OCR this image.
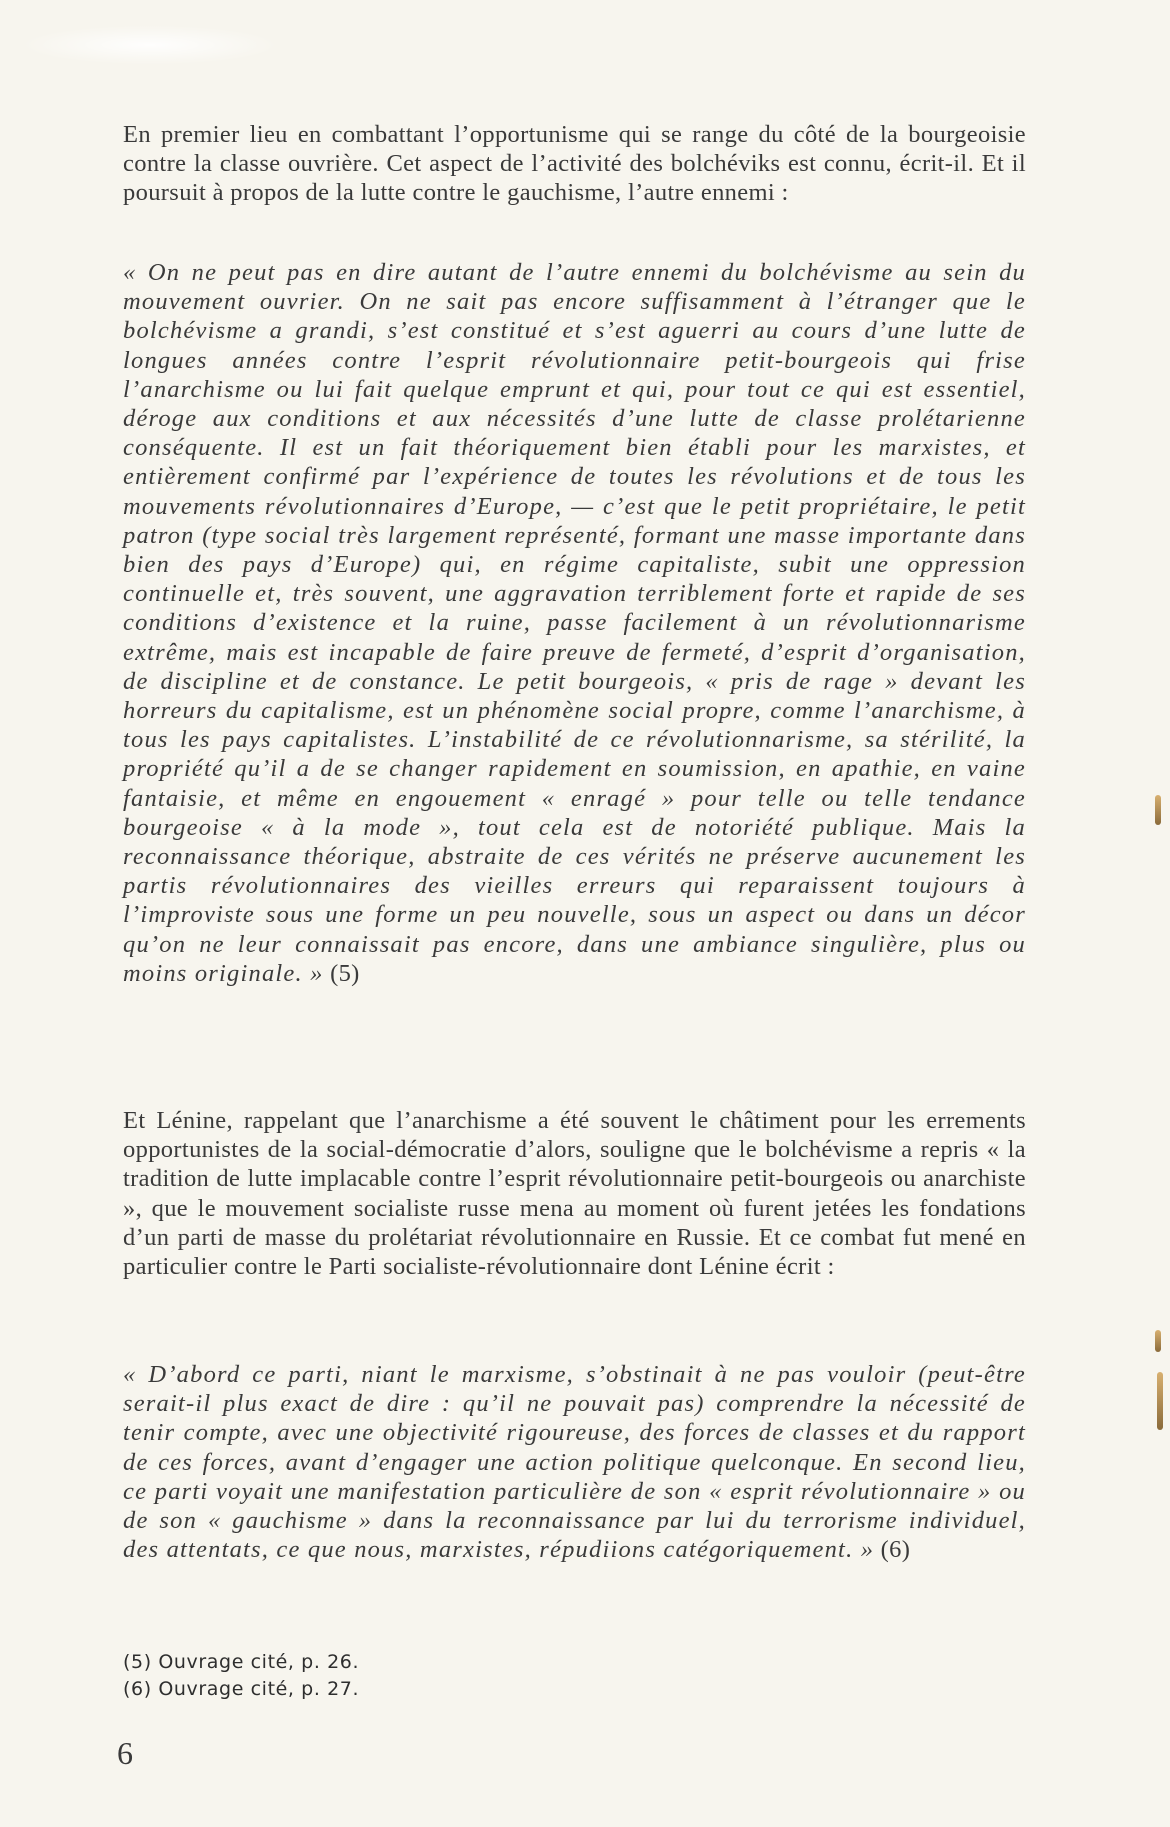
En premier lieu en combattant l’opportunisme qui se range du côté de la bourgeoisie contre la classe ouvrière. Cet aspect de l’activité des bolchéviks est connu, écrit-il. Et il poursuit à propos de la lutte contre le gauchisme, l’autre ennemi :

« On ne peut pas en dire autant de l’autre ennemi du bolchévisme au sein du mouvement ouvrier. On ne sait pas encore suffisamment à l’étranger que le bolchévisme a grandi, s’est constitué et s’est aguerri au cours d’une lutte de longues années contre l’esprit révolutionnaire petit-bourgeois qui frise l’anarchisme ou lui fait quelque emprunt et qui, pour tout ce qui est essentiel, déroge aux conditions et aux nécessités d’une lutte de classe prolétarienne conséquente. Il est un fait théoriquement bien établi pour les marxistes, et entièrement confirmé par l’expérience de toutes les révolutions et de tous les mouvements révolutionnaires d’Europe, — c’est que le petit propriétaire, le petit patron (type social très largement représenté, formant une masse importante dans bien des pays d’Europe) qui, en régime capitaliste, subit une oppression continuelle et, très souvent, une aggravation terriblement forte et rapide de ses conditions d’existence et la ruine, passe facilement à un révolutionnarisme extrême, mais est incapable de faire preuve de fermeté, d’esprit d’organisation, de discipline et de constance. Le petit bourgeois, « pris de rage » devant les horreurs du capitalisme, est un phénomène social propre, comme l’anarchisme, à tous les pays capitalistes. L’instabilité de ce révolutionnarisme, sa stérilité, la propriété qu’il a de se changer rapidement en soumission, en apathie, en vaine fantaisie, et même en engouement « enragé » pour telle ou telle tendance bourgeoise « à la mode », tout cela est de notoriété publique. Mais la reconnaissance théorique, abstraite de ces vérités ne préserve aucunement les partis révolutionnaires des vieilles erreurs qui reparaissent toujours à l’improviste sous une forme un peu nouvelle, sous un aspect ou dans un décor qu’on ne leur connaissait pas encore, dans une ambiance singulière, plus ou moins originale. » (5)

Et Lénine, rappelant que l’anarchisme a été souvent le châtiment pour les errements opportunistes de la social-démocratie d’alors, souligne que le bolchévisme a repris « la tradition de lutte implacable contre l’esprit révolutionnaire petit-bourgeois ou anarchiste », que le mouvement socialiste russe mena au moment où furent jetées les fondations d’un parti de masse du prolétariat révolutionnaire en Russie. Et ce combat fut mené en particulier contre le Parti socialiste-révolutionnaire dont Lénine écrit :

« D’abord ce parti, niant le marxisme, s’obstinait à ne pas vouloir (peut-être serait-il plus exact de dire : qu’il ne pouvait pas) comprendre la nécessité de tenir compte, avec une objectivité rigoureuse, des forces de classes et du rapport de ces forces, avant d’engager une action politique quelconque. En second lieu, ce parti voyait une manifestation particulière de son « esprit révolutionnaire » ou de son « gauchisme » dans la reconnaissance par lui du terrorisme individuel, des attentats, ce que nous, marxistes, répudiions catégoriquement. » (6)

(5) Ouvrage cité, p. 26.
(6) Ouvrage cité, p. 27.
6
